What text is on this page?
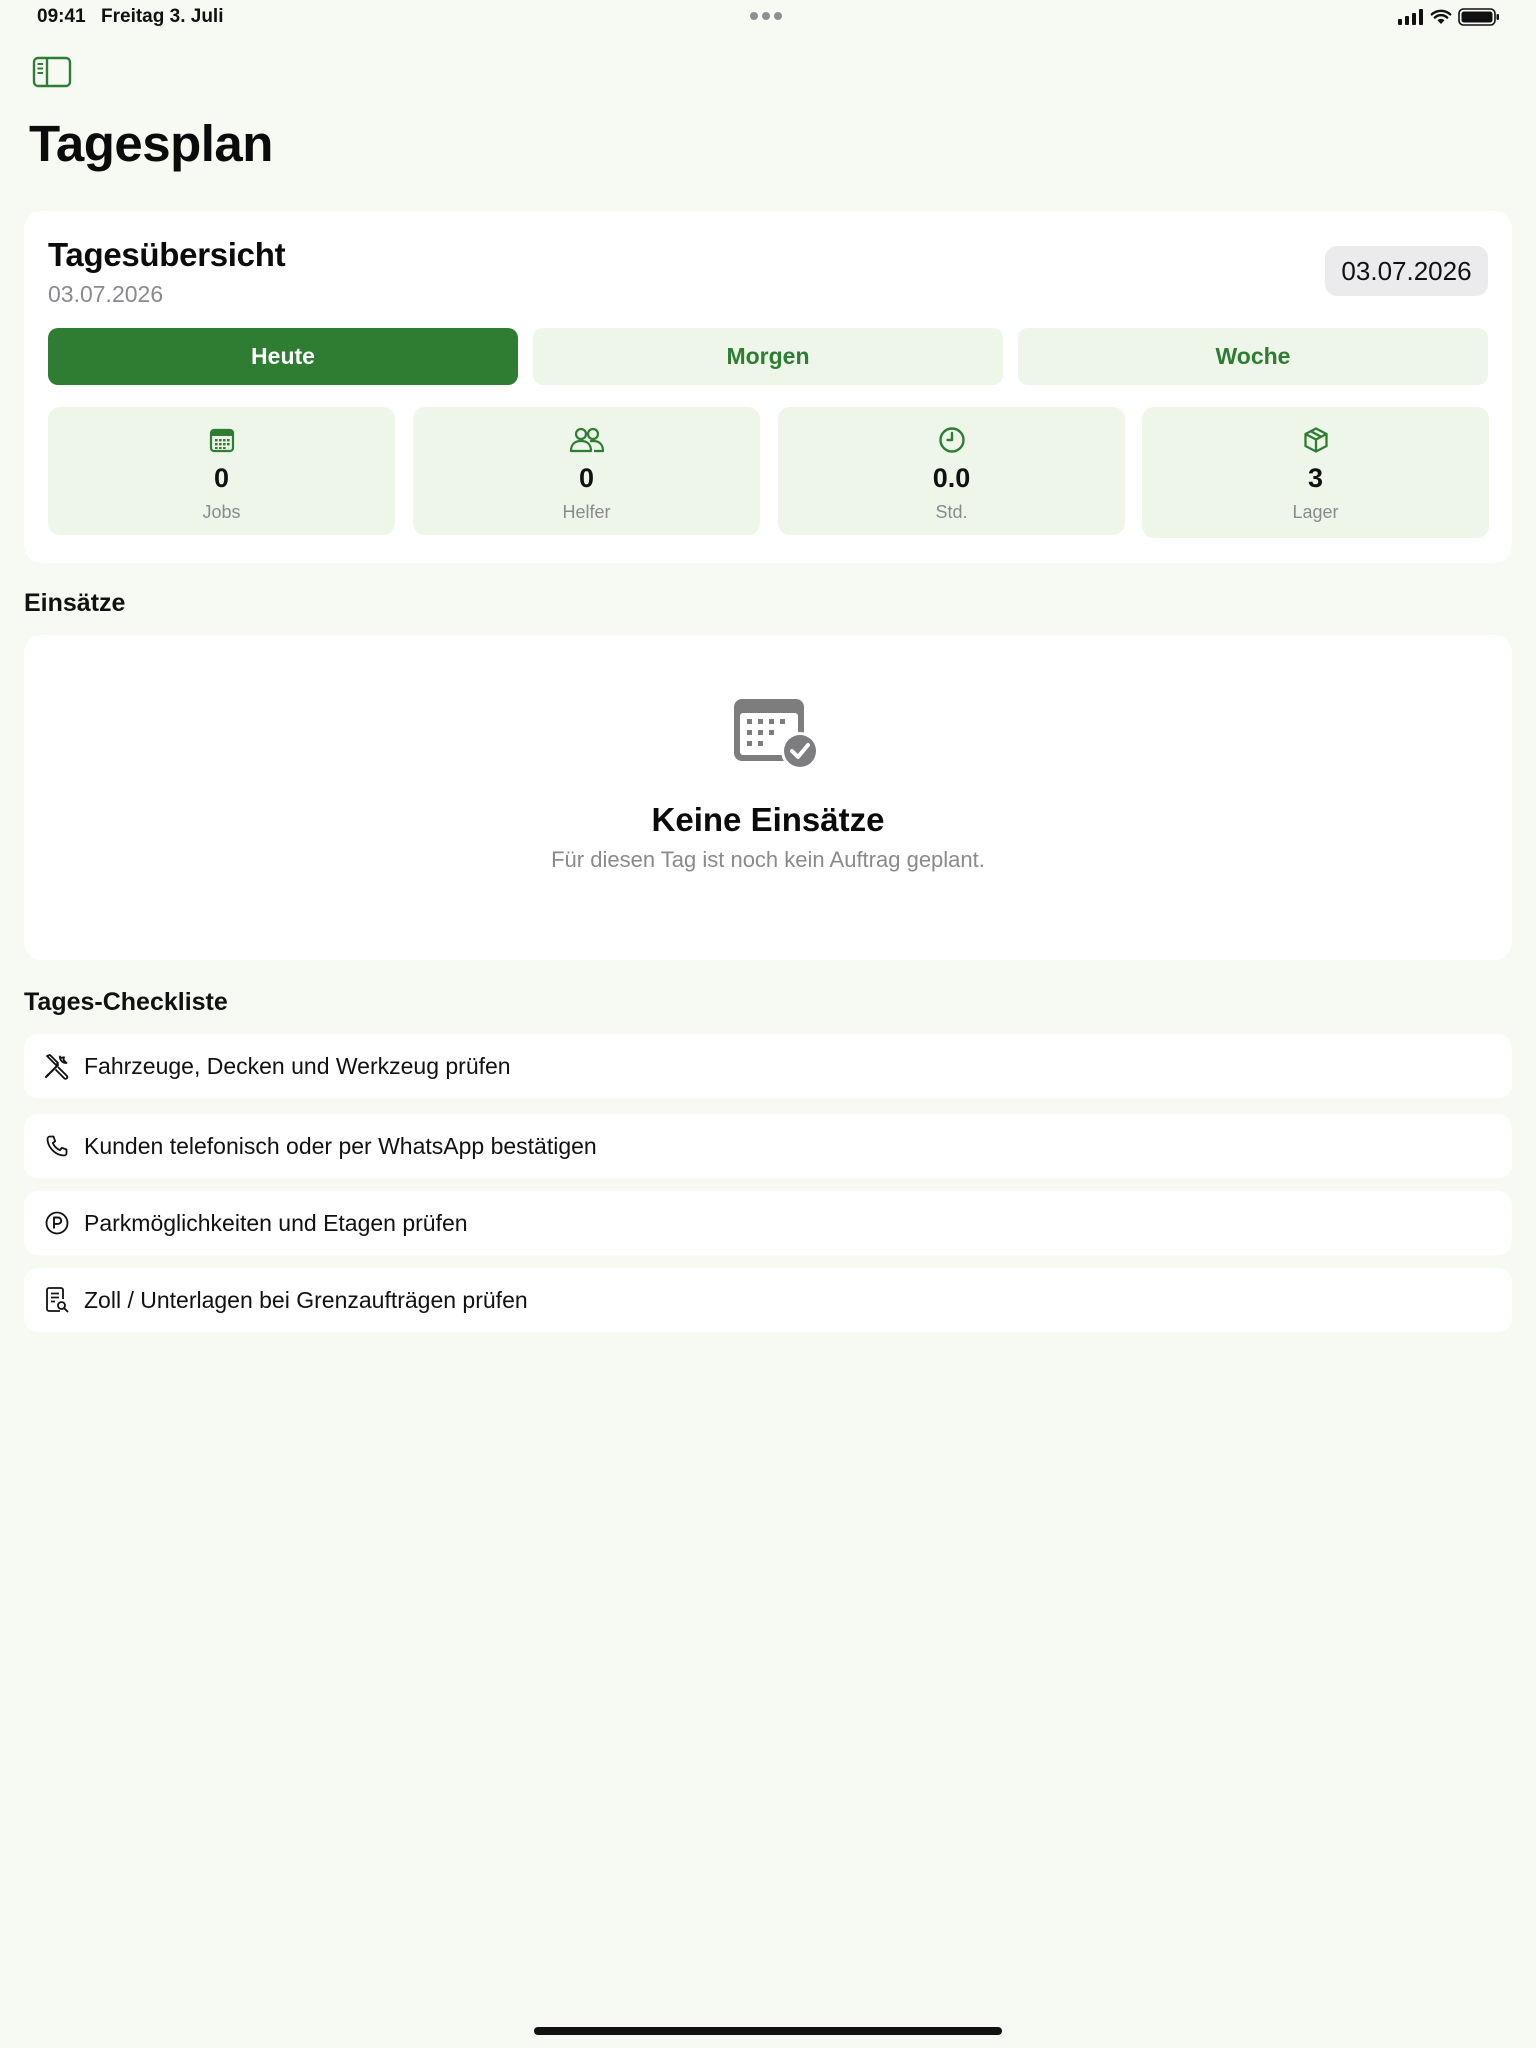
09:41 Freitag 3. Juli
Tagesplan
Tagesübersicht
03.07.2026
03.07.2026
Heute	Morgen	Woche
0
Jobs
0
Helfer
0.0
Std.
3
Lager
Einsätze
Keine Einsätze
Für diesen Tag ist noch kein Auftrag geplant.
Tages-Checkliste
Fahrzeuge, Decken und Werkzeug prüfen
Kunden telefonisch oder per WhatsApp bestätigen
Parkmöglichkeiten und Etagen prüfen
Zoll / Unterlagen bei Grenzaufträgen prüfen
